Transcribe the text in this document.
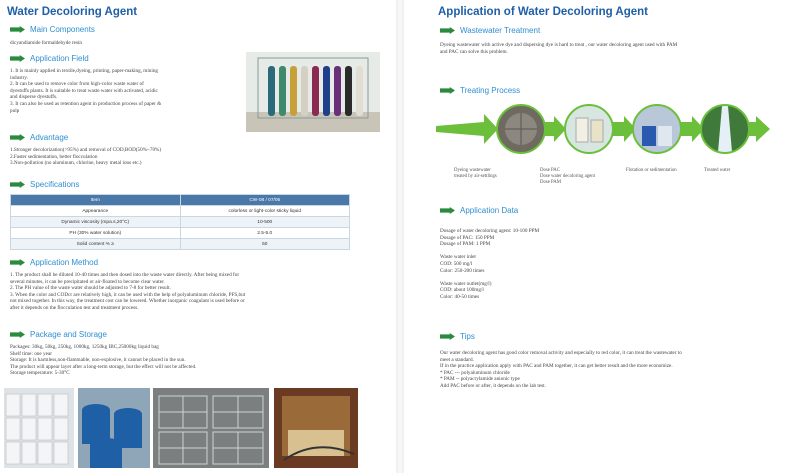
Water Decoloring Agent
Main Components
dicyandiamide formaldehyde resin
Application Field
1. It is mainly applied in textile,dyeing, printing, paper-making, mining
industry.
2. It can be used to remove color from high-color waste water of
dyestuffs plants. It is suitable to treat waste water with activated, acidic
and disperse dyestuffs.
3. It can also be used as retention agent in production process of paper &
pulp
Advantage
1.Stronger decolorization(>95%) and removal of COD,BOD(50%~70%)
2.Faster sedimentation, better flocculation
3.Non-pollution (no aluminum, chlorine, heavy metal ions etc.)
Specifications
Item	CW-08 / 07/05
Appearance	colorless or light-color sticky liquid
Dynamic viscosity (mpa.s,20°C)	10-500
PH (30% water solution)	2.5-5.0
Solid content % ≥	50
Application Method
1. The product shall be diluted 10-40 times and then dosed into the waste water directly. After being mixed for
several minutes, it can be precipitated or air-floated to become clear water.
2. The PH value of the waste water should be adjusted to 7-8 for better result.
3. When the color and CODcr are relatively high, it can be used with the help of polyaluminum chloride, PFS,but
not mixed together. In this way, the treatment cost can be lowered. Whether inorganic coagulant is used before or
after it depends on the flocculation test and treatment process.
Package and Storage
Packages: 30kg, 50kg, 250kg, 1000kg, 1250kg IBC,25000kg liquid bag
Shelf time: one year
Storage: It is harmless,non-flammable, non-explosive, it cannot be placed in the sun.
The product will appear layer after a long-term storage, but the effect will not be affected.
Storage temperature: 5-30°C
Application of Water Decoloring Agent
Wastewater Treatment
Dyeing wastewater with active dye and dispersing dye is hard to treat , our water decoloring agent used with PAM
and PAC can solve this problem.
Treating Process
Dyeing wastewater
treated by air-settlings
Dose PAC
Dose water decoloring agent
Dose PAM
Flotation or sedimentation	Treated water
Application Data
Dosage of water decoloring agent: 10-100 PPM
Dosage of PAC: 150 PPM
Dosage of PAM: 1 PPM

Waste water inlet
COD: 500 mg/l
Color: 250-200 times

Waste water outlet(mg/l)
COD: about 100mg/l
Color: 40-50 times
Tips
Our water decoloring agent has good color removal activity and especially to red color, it can treat the wastewater to
meet a standard.
If in the practice application apply with PAC and PAM together, it can get better result and the more economize.
* PAC --- polyaluminum chloride
* PAM -- polyacrylamide anionic type
Add PAC before or after, it depends on the lab test.
